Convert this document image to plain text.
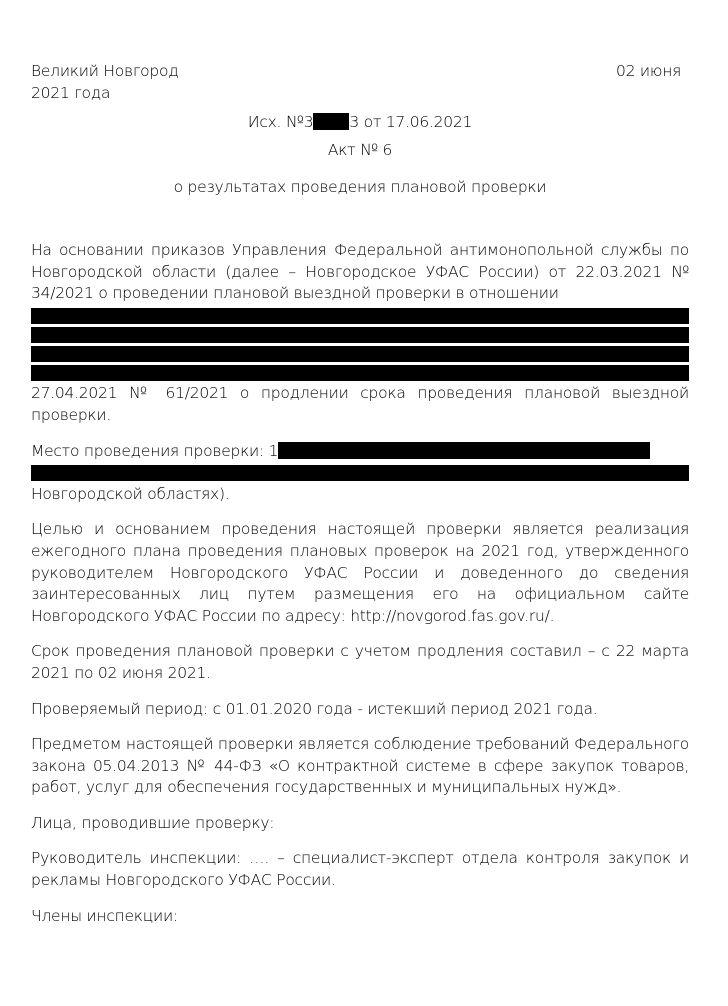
Великий Новгород	02 июня
2021 года
Исх. №3 3 от 17.06.2021
Акт № 6
о результатах проведения плановой проверки

На основании приказов Управления Федеральной антимонопольной службы по Новгородской области (далее – Новгородское УФАС России) от 22.03.2021 № 34/2021 о проведении плановой выездной проверки в отношении
27.04.2021 № 61/2021 о продлении срока проведения плановой выездной проверки.

Место проведения проверки: 1
Новгородской областях).

Целью и основанием проведения настоящей проверки является реализация ежегодного плана проведения плановых проверок на 2021 год, утвержденного руководителем Новгородского УФАС России и доведенного до сведения заинтересованных лиц путем размещения его на официальном сайте Новгородского УФАС России по адресу: http://novgorod.fas.gov.ru/.

Срок проведения плановой проверки с учетом продления составил – с 22 марта 2021 по 02 июня 2021.

Проверяемый период: с 01.01.2020 года - истекший период 2021 года.

Предметом настоящей проверки является соблюдение требований Федерального закона 05.04.2013 № 44-ФЗ «О контрактной системе в сфере закупок товаров, работ, услуг для обеспечения государственных и муниципальных нужд».

Лица, проводившие проверку:

Руководитель инспекции: …. – специалист-эксперт отдела контроля закупок и рекламы Новгородского УФАС России.

Члены инспекции:
